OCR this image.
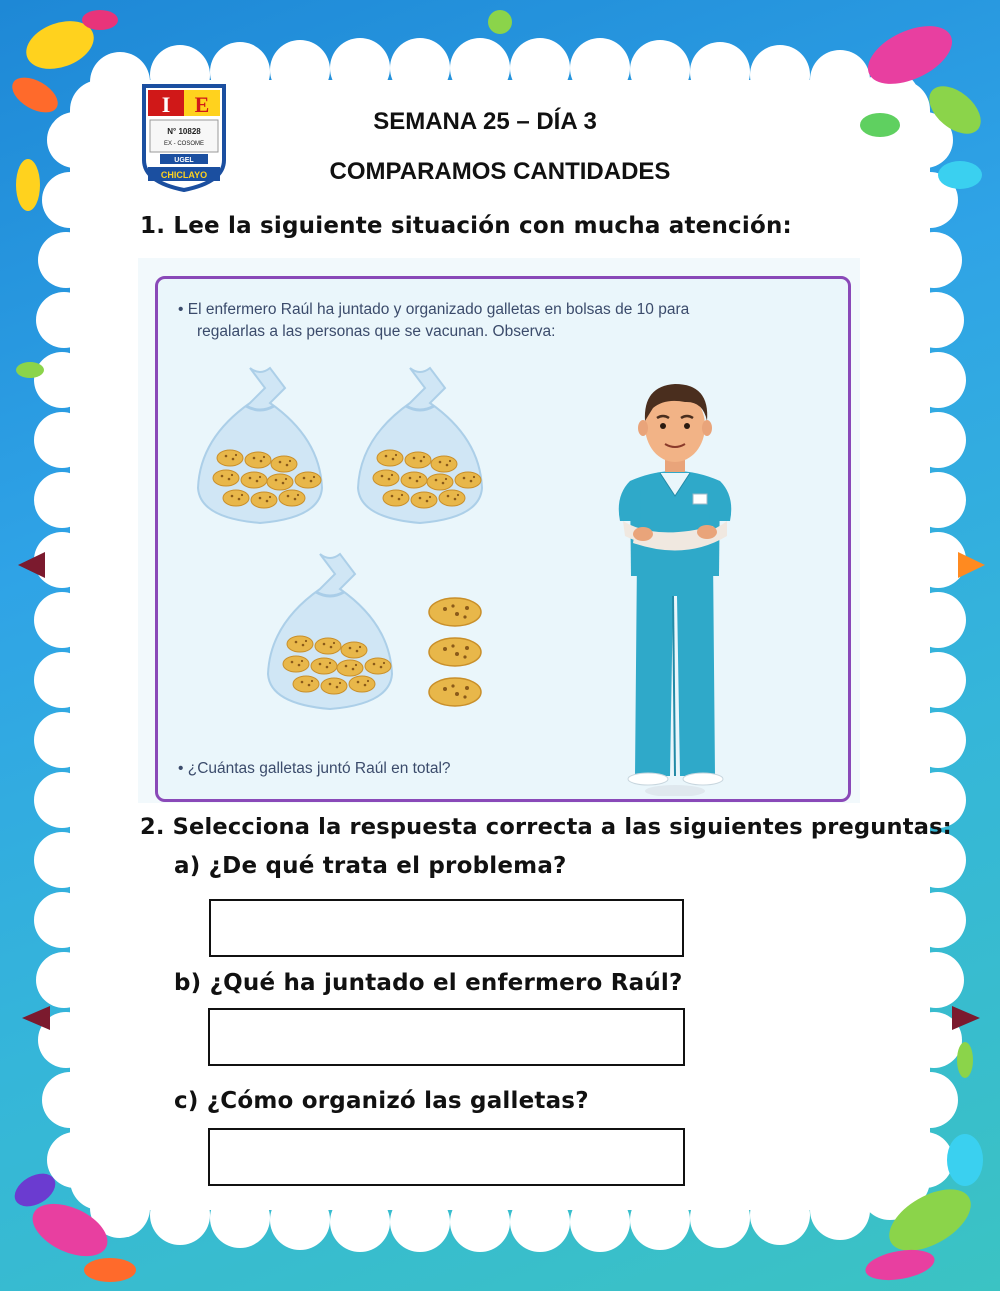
I E
N° 10828
EX - COSOME
UGEL
CHICLAYO
SEMANA 25 – DÍA 3
COMPARAMOS CANTIDADES
1. Lee la siguiente situación con mucha atención:
• El enfermero Raúl ha juntado y organizado galletas en bolsas de 10 para
regalarlas a las personas que se vacunan. Observa:
• ¿Cuántas galletas juntó Raúl en total?
2. Selecciona la respuesta correcta a las siguientes preguntas:
a) ¿De qué trata el problema?
b) ¿Qué ha juntado el enfermero Raúl?
c) ¿Cómo organizó las galletas?
